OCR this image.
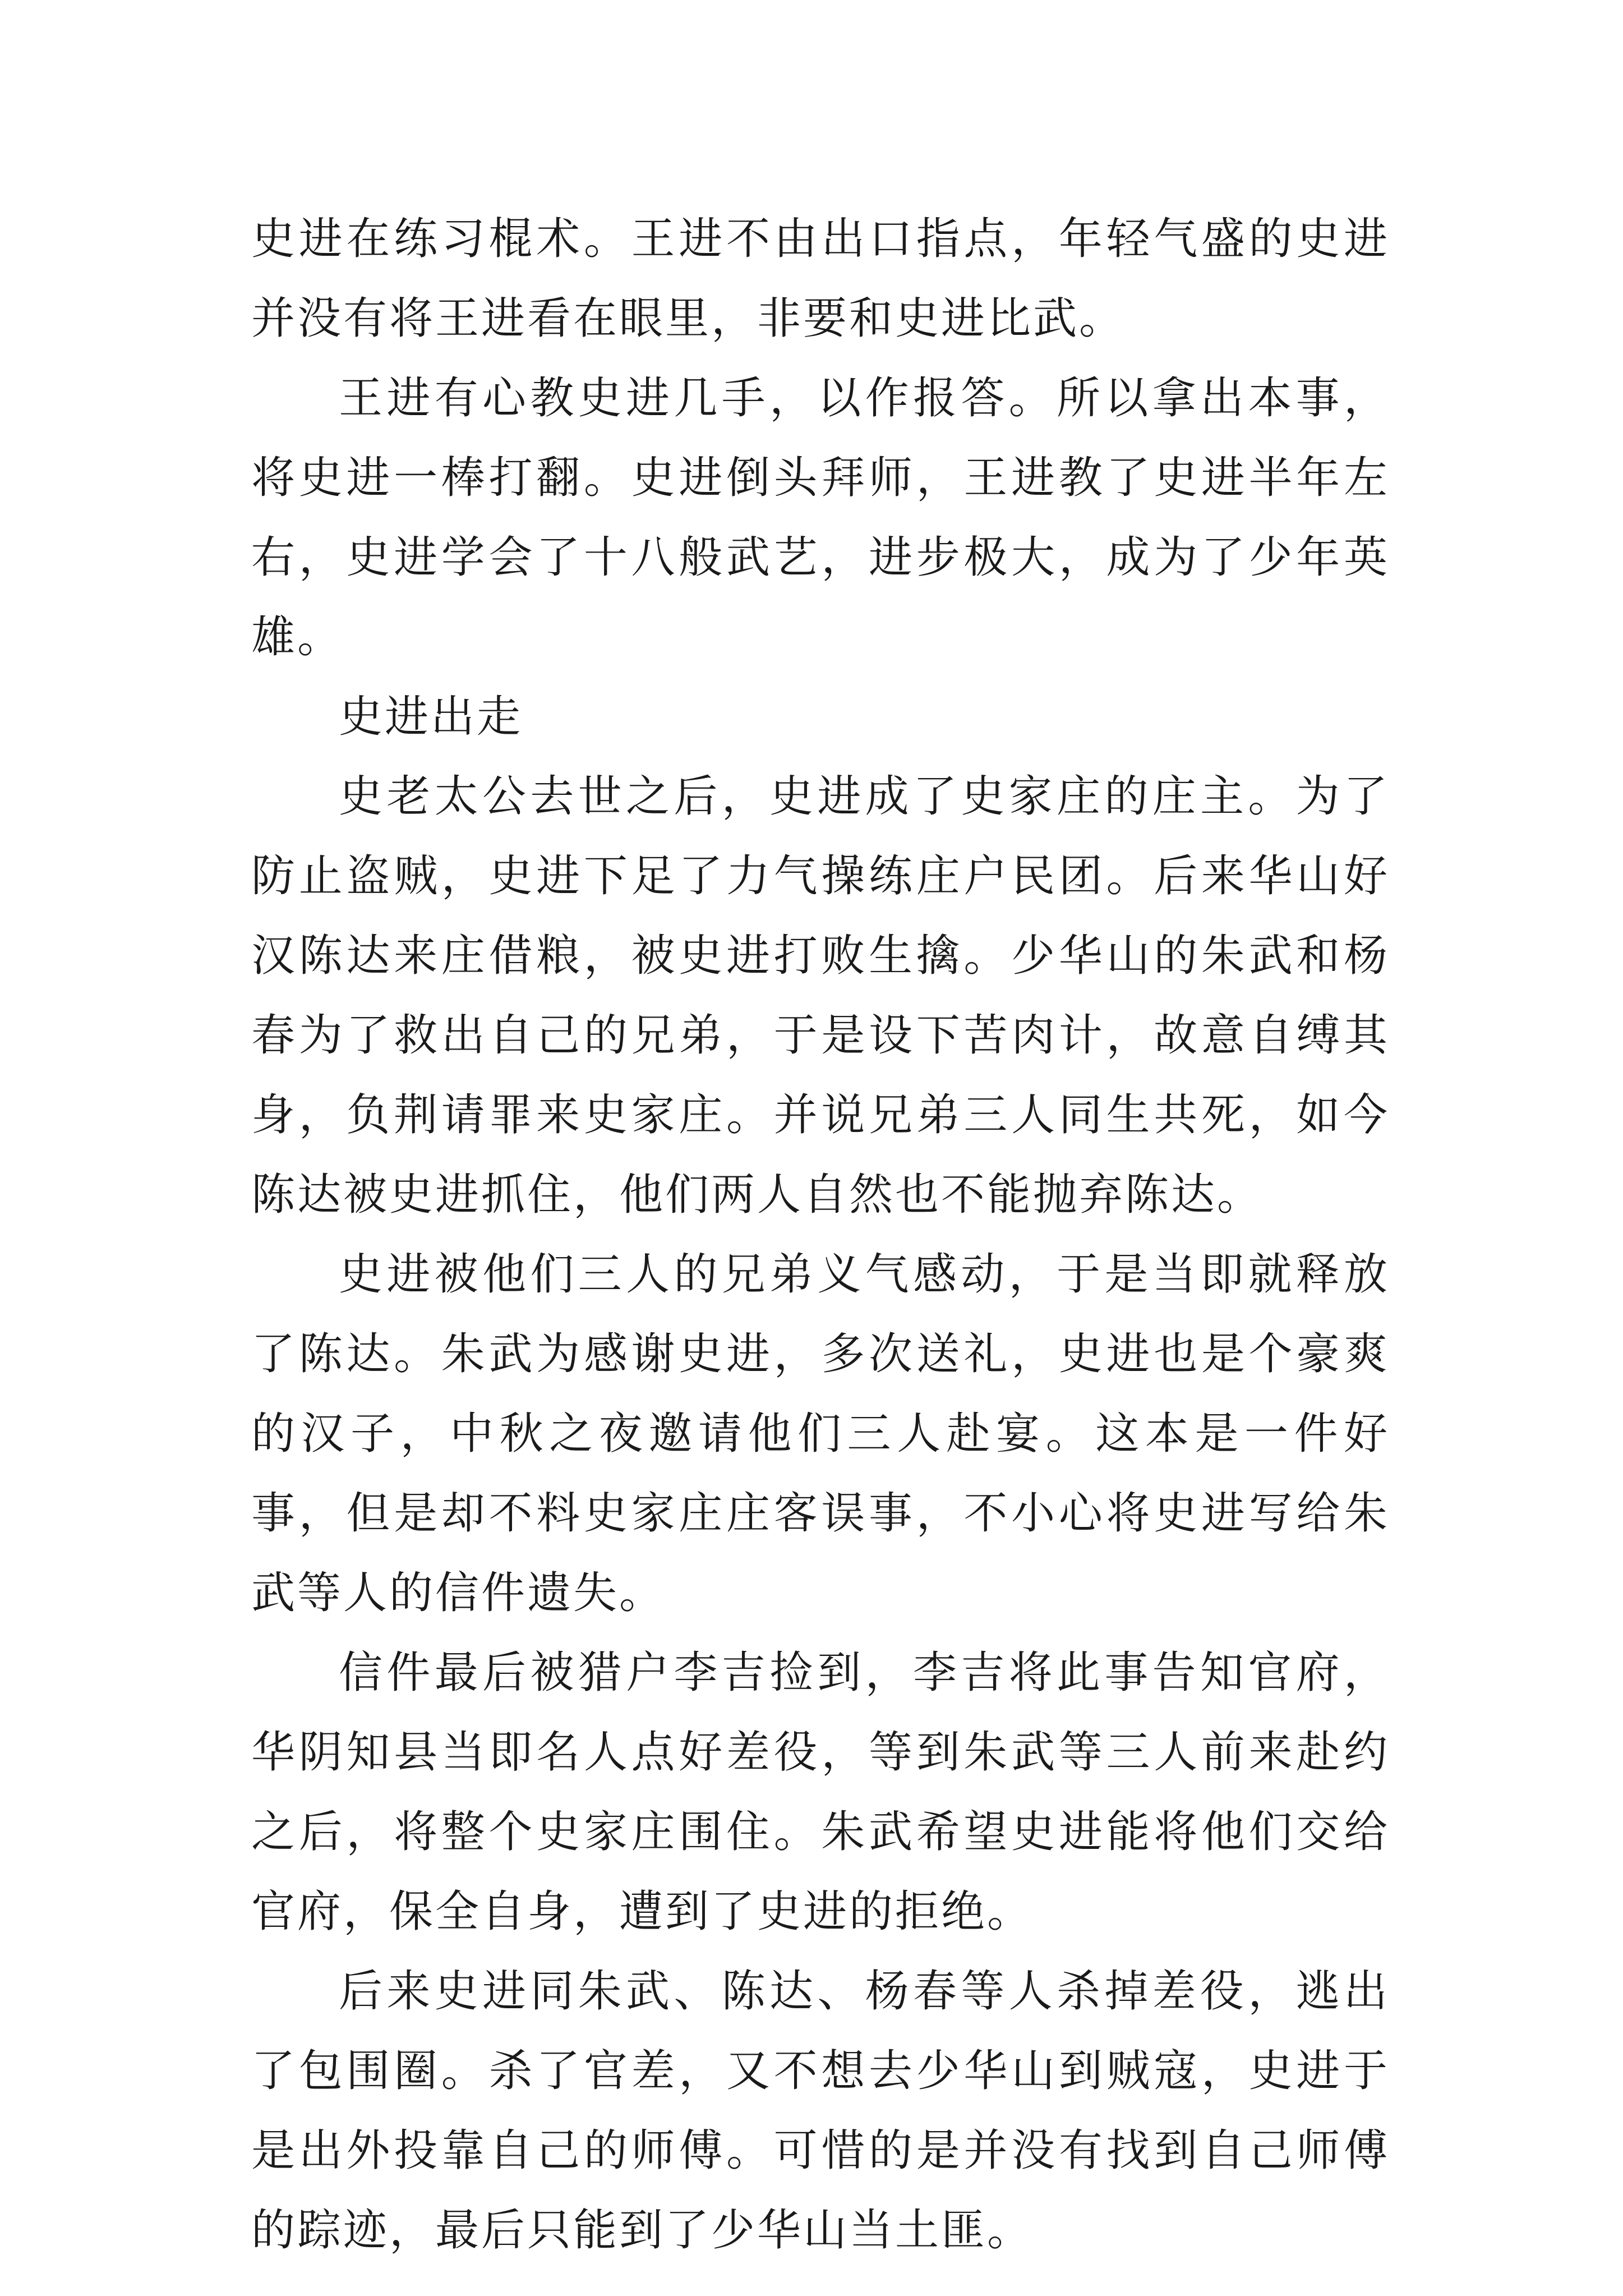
史进在练习棍术。王进不由出口指点，年轻气盛的史进并没有将王进看在眼里，非要和史进比武。

王进有心教史进几手，以作报答。所以拿出本事，将史进一棒打翻。史进倒头拜师，王进教了史进半年左右，史进学会了十八般武艺，进步极大，成为了少年英雄。

史进出走

史老太公去世之后，史进成了史家庄的庄主。为了防止盗贼，史进下足了力气操练庄户民团。后来华山好汉陈达来庄借粮，被史进打败生擒。少华山的朱武和杨春为了救出自己的兄弟，于是设下苦肉计，故意自缚其身，负荆请罪来史家庄。并说兄弟三人同生共死，如今陈达被史进抓住，他们两人自然也不能抛弃陈达。

史进被他们三人的兄弟义气感动，于是当即就释放了陈达。朱武为感谢史进，多次送礼，史进也是个豪爽的汉子，中秋之夜邀请他们三人赴宴。这本是一件好事，但是却不料史家庄庄客误事，不小心将史进写给朱武等人的信件遗失。

信件最后被猎户李吉捡到，李吉将此事告知官府，华阴知县当即名人点好差役，等到朱武等三人前来赴约之后，将整个史家庄围住。朱武希望史进能将他们交给官府，保全自身，遭到了史进的拒绝。

后来史进同朱武、陈达、杨春等人杀掉差役，逃出了包围圈。杀了官差，又不想去少华山到贼寇，史进于是出外投靠自己的师傅。可惜的是并没有找到自己师傅的踪迹，最后只能到了少华山当土匪。
